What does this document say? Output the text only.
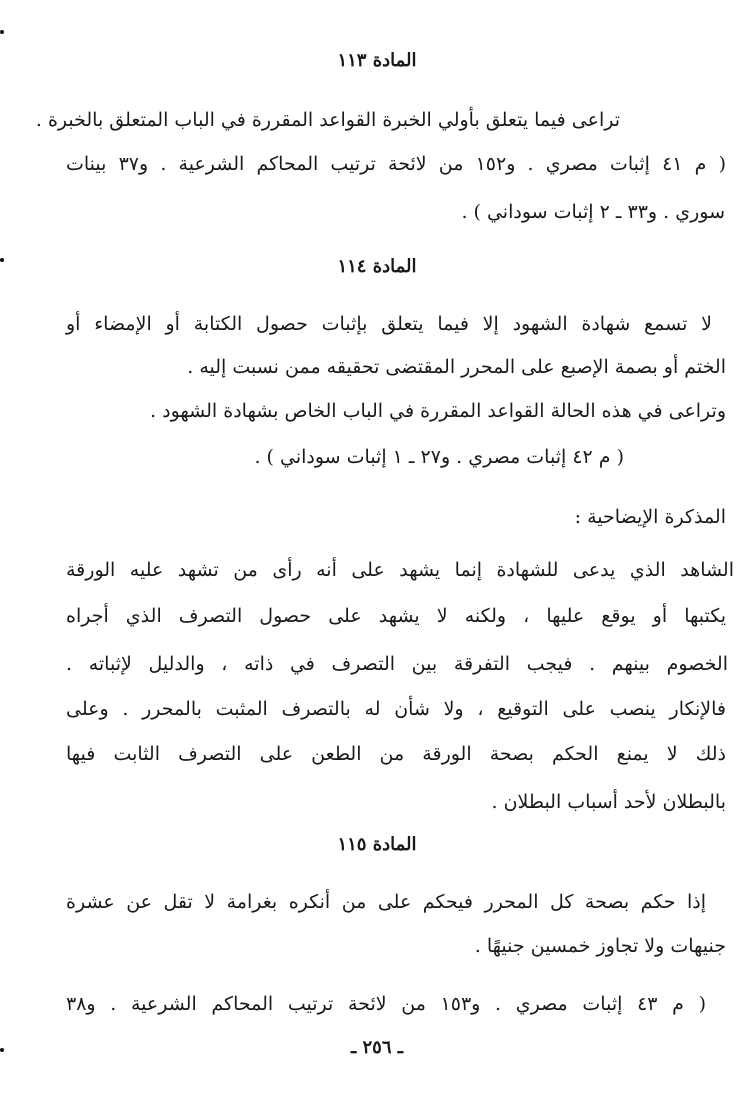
المادة ١١٣
تراعى فيما يتعلق بأولي الخبرة القواعد المقررة في الباب المتعلق بالخبرة .
( م ٤١ إثبات مصري . و١٥٢ من لائحة ترتيب المحاكم الشرعية . و٣٧ بينات
سوري . و٣٣ ـ ٢ إثبات سوداني ) .
المادة ١١٤
لا تسمع شهادة الشهود إلا فيما يتعلق بإثبات حصول الكتابة أو الإمضاء أو
الختم أو بصمة الإصبع على المحرر المقتضى تحقيقه ممن نسبت إليه .
وتراعى في هذه الحالة القواعد المقررة في الباب الخاص بشهادة الشهود .
( م ٤٢ إثبات مصري . و٢٧ ـ ١ إثبات سوداني ) .
المذكرة الإيضاحية :
الشاهد الذي يدعى للشهادة إنما يشهد على أنه رأى من تشهد عليه الورقة
يكتبها أو يوقع عليها ، ولكنه لا يشهد على حصول التصرف الذي أجراه
الخصوم بينهم . فيجب التفرقة بين التصرف في ذاته ، والدليل لإثباته .
فالإنكار ينصب على التوقيع ، ولا شأن له بالتصرف المثبت بالمحرر . وعلى
ذلك لا يمنع الحكم بصحة الورقة من الطعن على التصرف الثابت فيها
بالبطلان لأحد أسباب البطلان .
المادة ١١٥
إذا حكم بصحة كل المحرر فيحكم على من أنكره بغرامة لا تقل عن عشرة
جنيهات ولا تجاوز خمسين جنيهًا .
( م ٤٣ إثبات مصري . و١٥٣ من لائحة ترتيب المحاكم الشرعية . و٣٨
ـ ٢٥٦ ـ
